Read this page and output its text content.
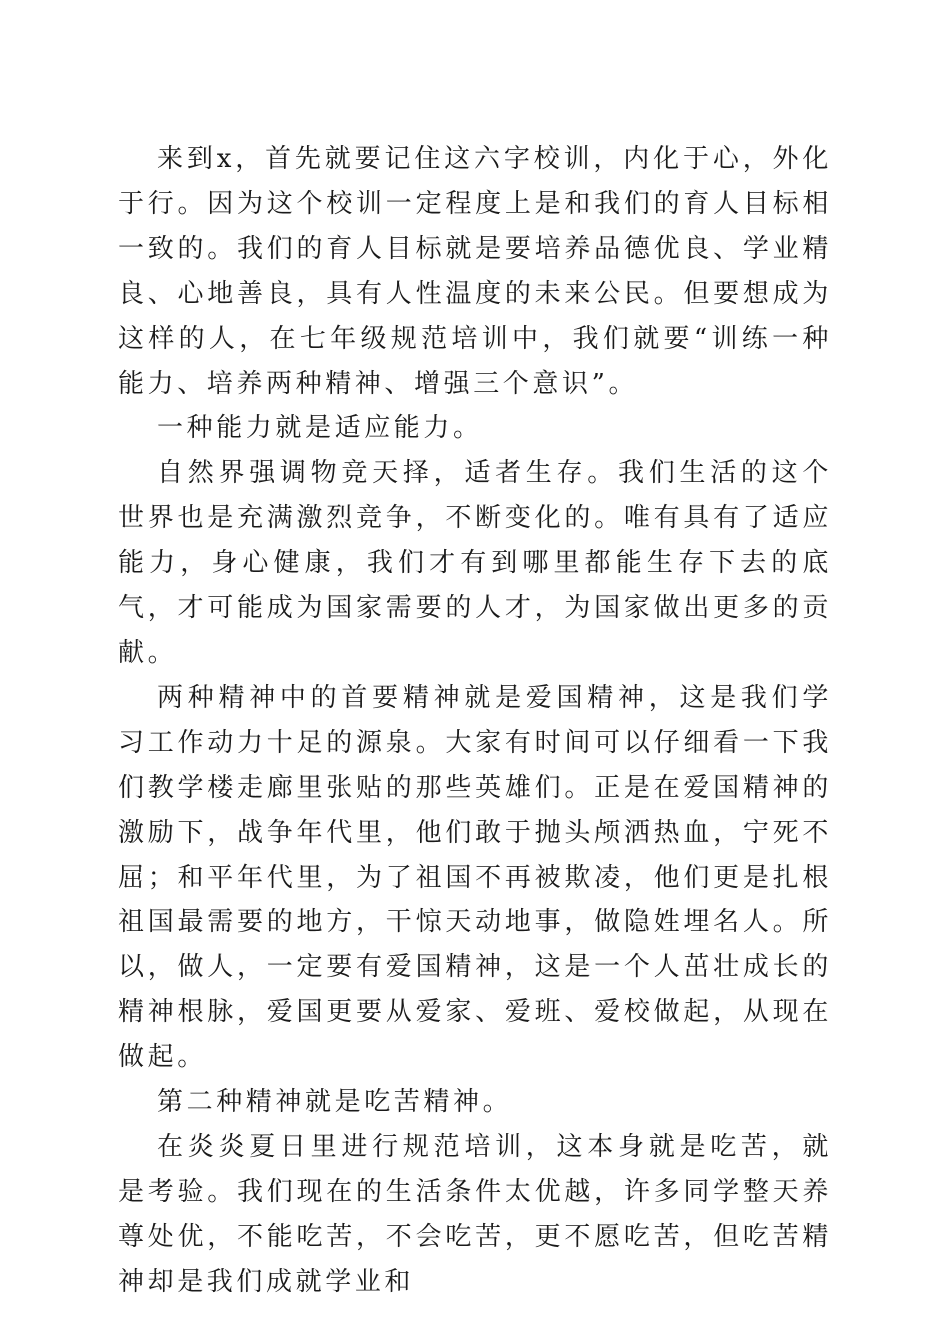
来到x，首先就要记住这六字校训，内化于心，外化于行。因为这个校训一定程度上是和我们的育人目标相一致的。我们的育人目标就是要培养品德优良、学业精良、心地善良，具有人性温度的未来公民。但要想成为这样的人，在七年级规范培训中，我们就要“训练一种能力、培养两种精神、增强三个意识”。

一种能力就是适应能力。

自然界强调物竞天择，适者生存。我们生活的这个世界也是充满激烈竞争，不断变化的。唯有具有了适应能力，身心健康，我们才有到哪里都能生存下去的底气，才可能成为国家需要的人才，为国家做出更多的贡献。

两种精神中的首要精神就是爱国精神，这是我们学习工作动力十足的源泉。大家有时间可以仔细看一下我们教学楼走廊里张贴的那些英雄们。正是在爱国精神的激励下，战争年代里，他们敢于抛头颅洒热血，宁死不屈；和平年代里，为了祖国不再被欺凌，他们更是扎根祖国最需要的地方，干惊天动地事，做隐姓埋名人。所以，做人，一定要有爱国精神，这是一个人茁壮成长的精神根脉，爱国更要从爱家、爱班、爱校做起，从现在做起。

第二种精神就是吃苦精神。

在炎炎夏日里进行规范培训，这本身就是吃苦，就是考验。我们现在的生活条件太优越，许多同学整天养尊处优，不能吃苦，不会吃苦，更不愿吃苦，但吃苦精神却是我们成就学业和
